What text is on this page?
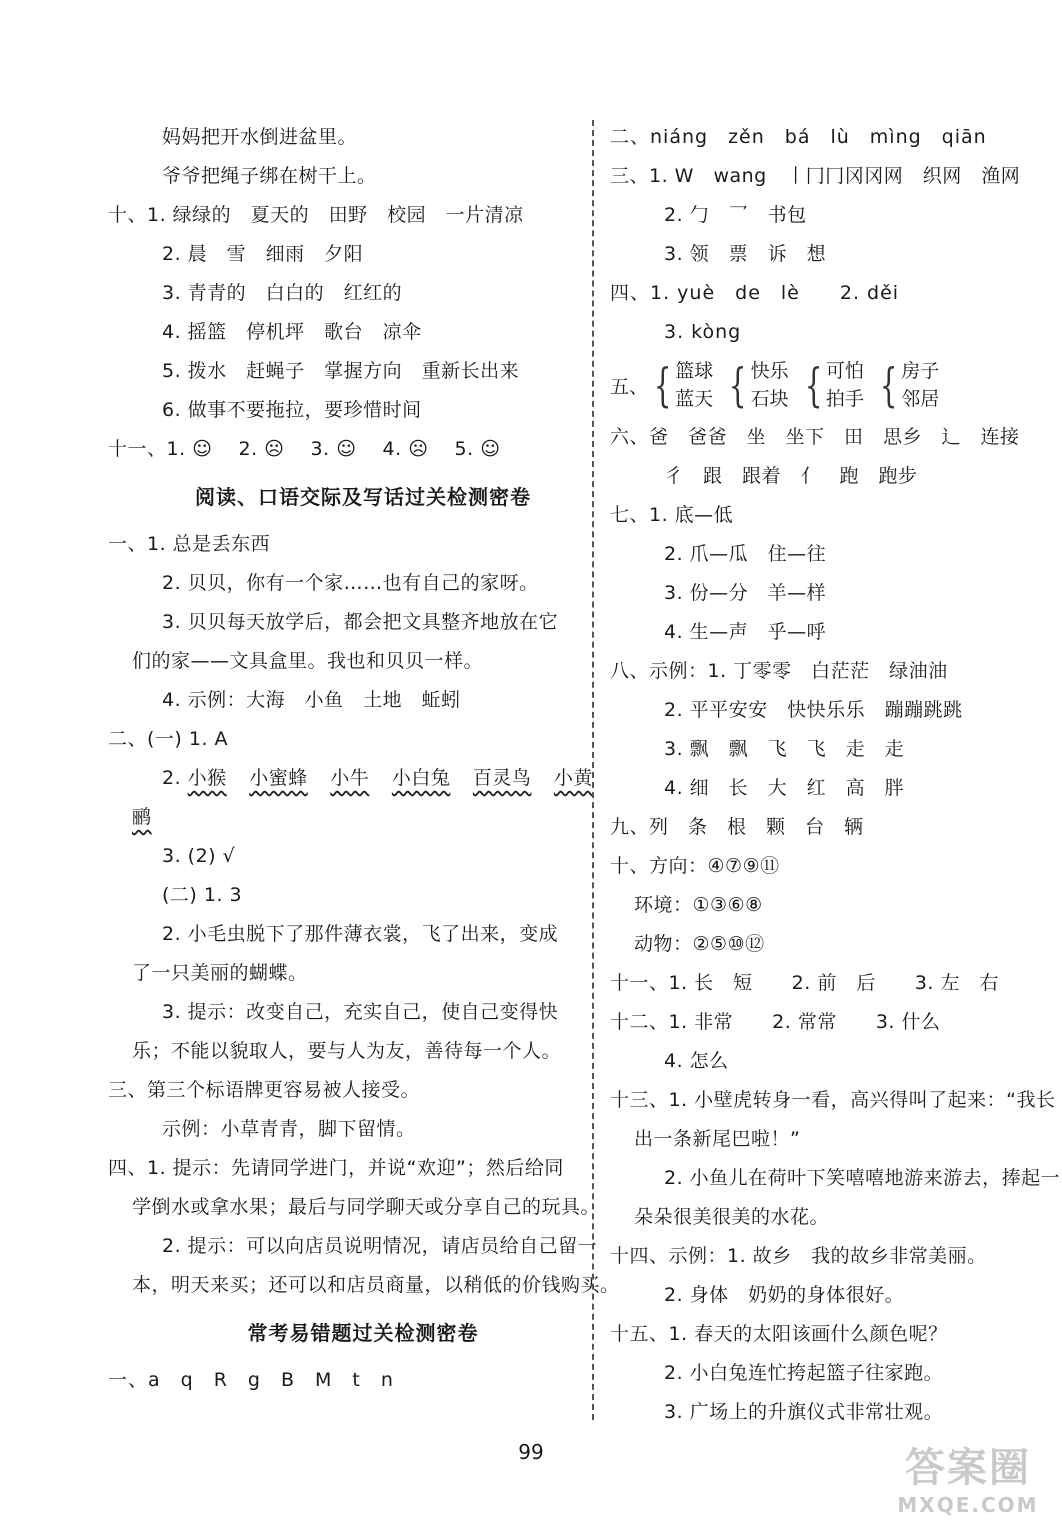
妈妈把开水倒进盆里。
爷爷把绳子绑在树干上。
十、1. 绿绿的　夏天的　田野　校园　一片清凉
2. 晨　雪　细雨　夕阳
3. 青青的　白白的　红红的
4. 摇篮　停机坪　歌台　凉伞
5. 拨水　赶蝇子　掌握方向　重新长出来
6. 做事不要拖拉，要珍惜时间
十一、1. ☺　 2. ☹　 3. ☺　 4. ☹　 5. ☺
阅读、口语交际及写话过关检测密卷
一、1. 总是丢东西
2. 贝贝，你有一个家……也有自己的家呀。
3. 贝贝每天放学后，都会把文具整齐地放在它
们的家——文具盒里。我也和贝贝一样。
4. 示例：大海　小鱼　土地　蚯蚓
二、(一) 1. A
2. 小猴 小蜜蜂 小牛 小白兔 百灵鸟 小黄
鹂
3. (2) √
(二) 1. 3
2. 小毛虫脱下了那件薄衣裳，飞了出来，变成
了一只美丽的蝴蝶。
3. 提示：改变自己，充实自己，使自己变得快
乐；不能以貌取人，要与人为友，善待每一个人。
三、第三个标语牌更容易被人接受。
示例：小草青青，脚下留情。
四、1. 提示：先请同学进门，并说“欢迎”；然后给同
学倒水或拿水果；最后与同学聊天或分享自己的玩具。
2. 提示：可以向店员说明情况，请店员给自己留一
本，明天来买；还可以和店员商量，以稍低的价钱购买。
常考易错题过关检测密卷
一、a　q　R　g　B　M　t　n
二、niáng　zěn　bá　lù　mìng　qiān
三、1. W　wang　丨冂冂冈冈网　织网　渔网
2. 勹　乛　书包
3. 领　票　诉　想
四、1. yuè　de　lè　　2. děi
3. kòng
五、 { 篮球
蓝天 { 快乐
石块 { 可怕
拍手 { 房子
邻居
六、爸　爸爸　坐　坐下　田　思乡　辶　连接
彳　跟　跟着　亻　跑　跑步
七、1. 底—低
2. 爪—瓜　住—往
3. 份—分　羊—样
4. 生—声　乎—呼
八、示例：1. 丁零零　白茫茫　绿油油
2. 平平安安　快快乐乐　蹦蹦跳跳
3. 飘　飘　飞　飞　走　走
4. 细　长　大　红　高　胖
九、列　条　根　颗　台　辆
十、方向：④⑦⑨⑪
环境：①③⑥⑧
动物：②⑤⑩⑫
十一、1. 长　短　　2. 前　后　　3. 左　右
十二、1. 非常　　2. 常常　　3. 什么
4. 怎么
十三、1. 小壁虎转身一看，高兴得叫了起来：“我长
出一条新尾巴啦！”
2. 小鱼儿在荷叶下笑嘻嘻地游来游去，捧起一
朵朵很美很美的水花。
十四、示例：1. 故乡　我的故乡非常美丽。
2. 身体　奶奶的身体很好。
十五、1. 春天的太阳该画什么颜色呢？
2. 小白兔连忙挎起篮子往家跑。
3. 广场上的升旗仪式非常壮观。
99	答案圈
MXQE.COM
